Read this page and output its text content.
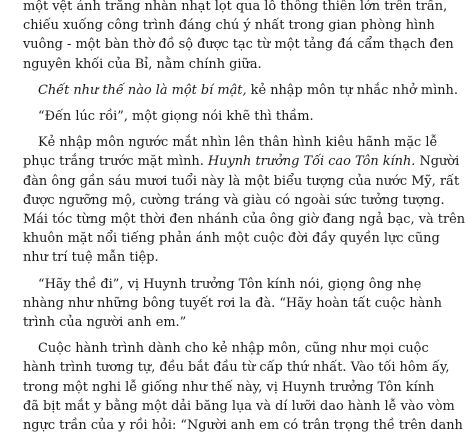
một vệt ánh trăng nhàn nhạt lọt qua lỗ thông thiên lớn trên trần,
chiếu xuống công trình đáng chú ý nhất trong gian phòng hình
vuông - một bàn thờ đồ sộ được tạc từ một tảng đá cẩm thạch đen
nguyên khối của Bỉ, nằm chính giữa.

Chết như thế nào là một bí mật, kẻ nhập môn tự nhắc nhở mình.

“Đến lúc rồi”, một giọng nói khẽ thì thầm.

Kẻ nhập môn ngước mắt nhìn lên thân hình kiêu hãnh mặc lễ
phục trắng trước mặt mình. Huynh trưởng Tối cao Tôn kính. Người
đàn ông gần sáu mươi tuổi này là một biểu tượng của nước Mỹ, rất
được ngưỡng mộ, cường tráng và giàu có ngoài sức tưởng tượng.
Mái tóc từng một thời đen nhánh của ông giờ đang ngả bạc, và trên
khuôn mặt nổi tiếng phản ánh một cuộc đời đầy quyền lực cũng
như trí tuệ mẫn tiệp.

“Hãy thề đi”, vị Huynh trưởng Tôn kính nói, giọng ông nhẹ
nhàng như những bông tuyết rơi la đà. “Hãy hoàn tất cuộc hành
trình của người anh em.”

Cuộc hành trình dành cho kẻ nhập môn, cũng như mọi cuộc
hành trình tương tự, đều bắt đầu từ cấp thứ nhất. Vào tối hôm ấy,
trong một nghi lễ giống như thế này, vị Huynh trưởng Tôn kính
đã bịt mắt y bằng một dải băng lụa và dí lưỡi dao hành lễ vào vòm
ngực trần của y rồi hỏi: “Người anh em có trân trọng thề trên danh
